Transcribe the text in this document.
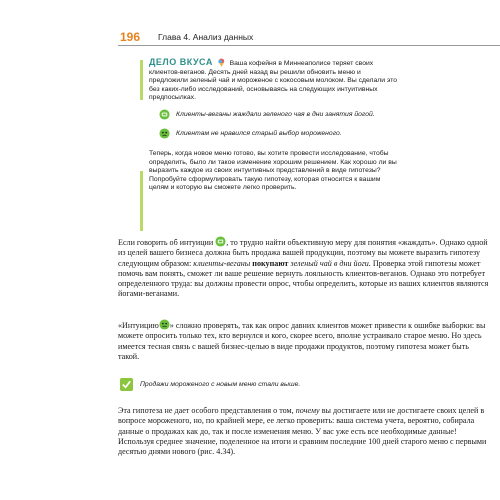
196 Глава 4. Анализ данных
ДЕЛО ВКУСА Ваша кофейня в Миннеаполисе теряет своих клиентов-веганов. Десять дней назад вы решили обновить меню и предложили зеленый чай и мороженое с кокосовым молоком. Вы сделали это без каких-либо исследований, основываясь на следующих интуитивных предпосылках.
Клиенты-веганы жаждали зеленого чая в дни занятия йогой.
Клиентам не нравился старый выбор мороженого.
Теперь, когда новое меню готово, вы хотите провести исследование, чтобы определить, было ли такое изменение хорошим решением. Как хорошо ли вы выразить каждое из своих интуитивных представлений в виде гипотезы? Попробуйте сформулировать такую гипотезу, которая относится к вашим целям и которую вы сможете легко проверить.
Если говорить об интуиции , то трудно найти объективную меру для понятия «жаждать». Однако одной из целей вашего бизнеса должна быть продажа вашей продукции, поэтому вы можете выразить гипотезу следующим образом: клиенты-веганы покупают зеленый чай в дни йоги. Проверка этой гипотезы может помочь вам понять, сможет ли ваше решение вернуть лояльность клиентов-веганов. Однако это потребует определенного труда: вы должны провести опрос, чтобы определить, которые из ваших клиентов являются йогами-веганами.
«Интуицию » сложно проверять, так как опрос давних клиентов может привести к ошибке выборки: вы можете опросить только тех, кто вернулся и кого, скорее всего, вполне устраивало старое меню. Но здесь имеется тесная связь с вашей бизнес-целью в виде продажи продуктов, поэтому гипотеза может быть такой.
Продажи мороженого с новым меню стали выше.
Эта гипотеза не дает особого представления о том, почему вы достигаете или не достигаете своих целей в вопросе мороженого, но, по крайней мере, ее легко проверить: ваша система учета, вероятно, собирала данные о продажах как до, так и после изменения меню. У вас уже есть все необходимые данные! Используя среднее значение, поделенное на итоги и сравним последние 100 дней старого меню с первыми десятью днями нового (рис. 4.34).
